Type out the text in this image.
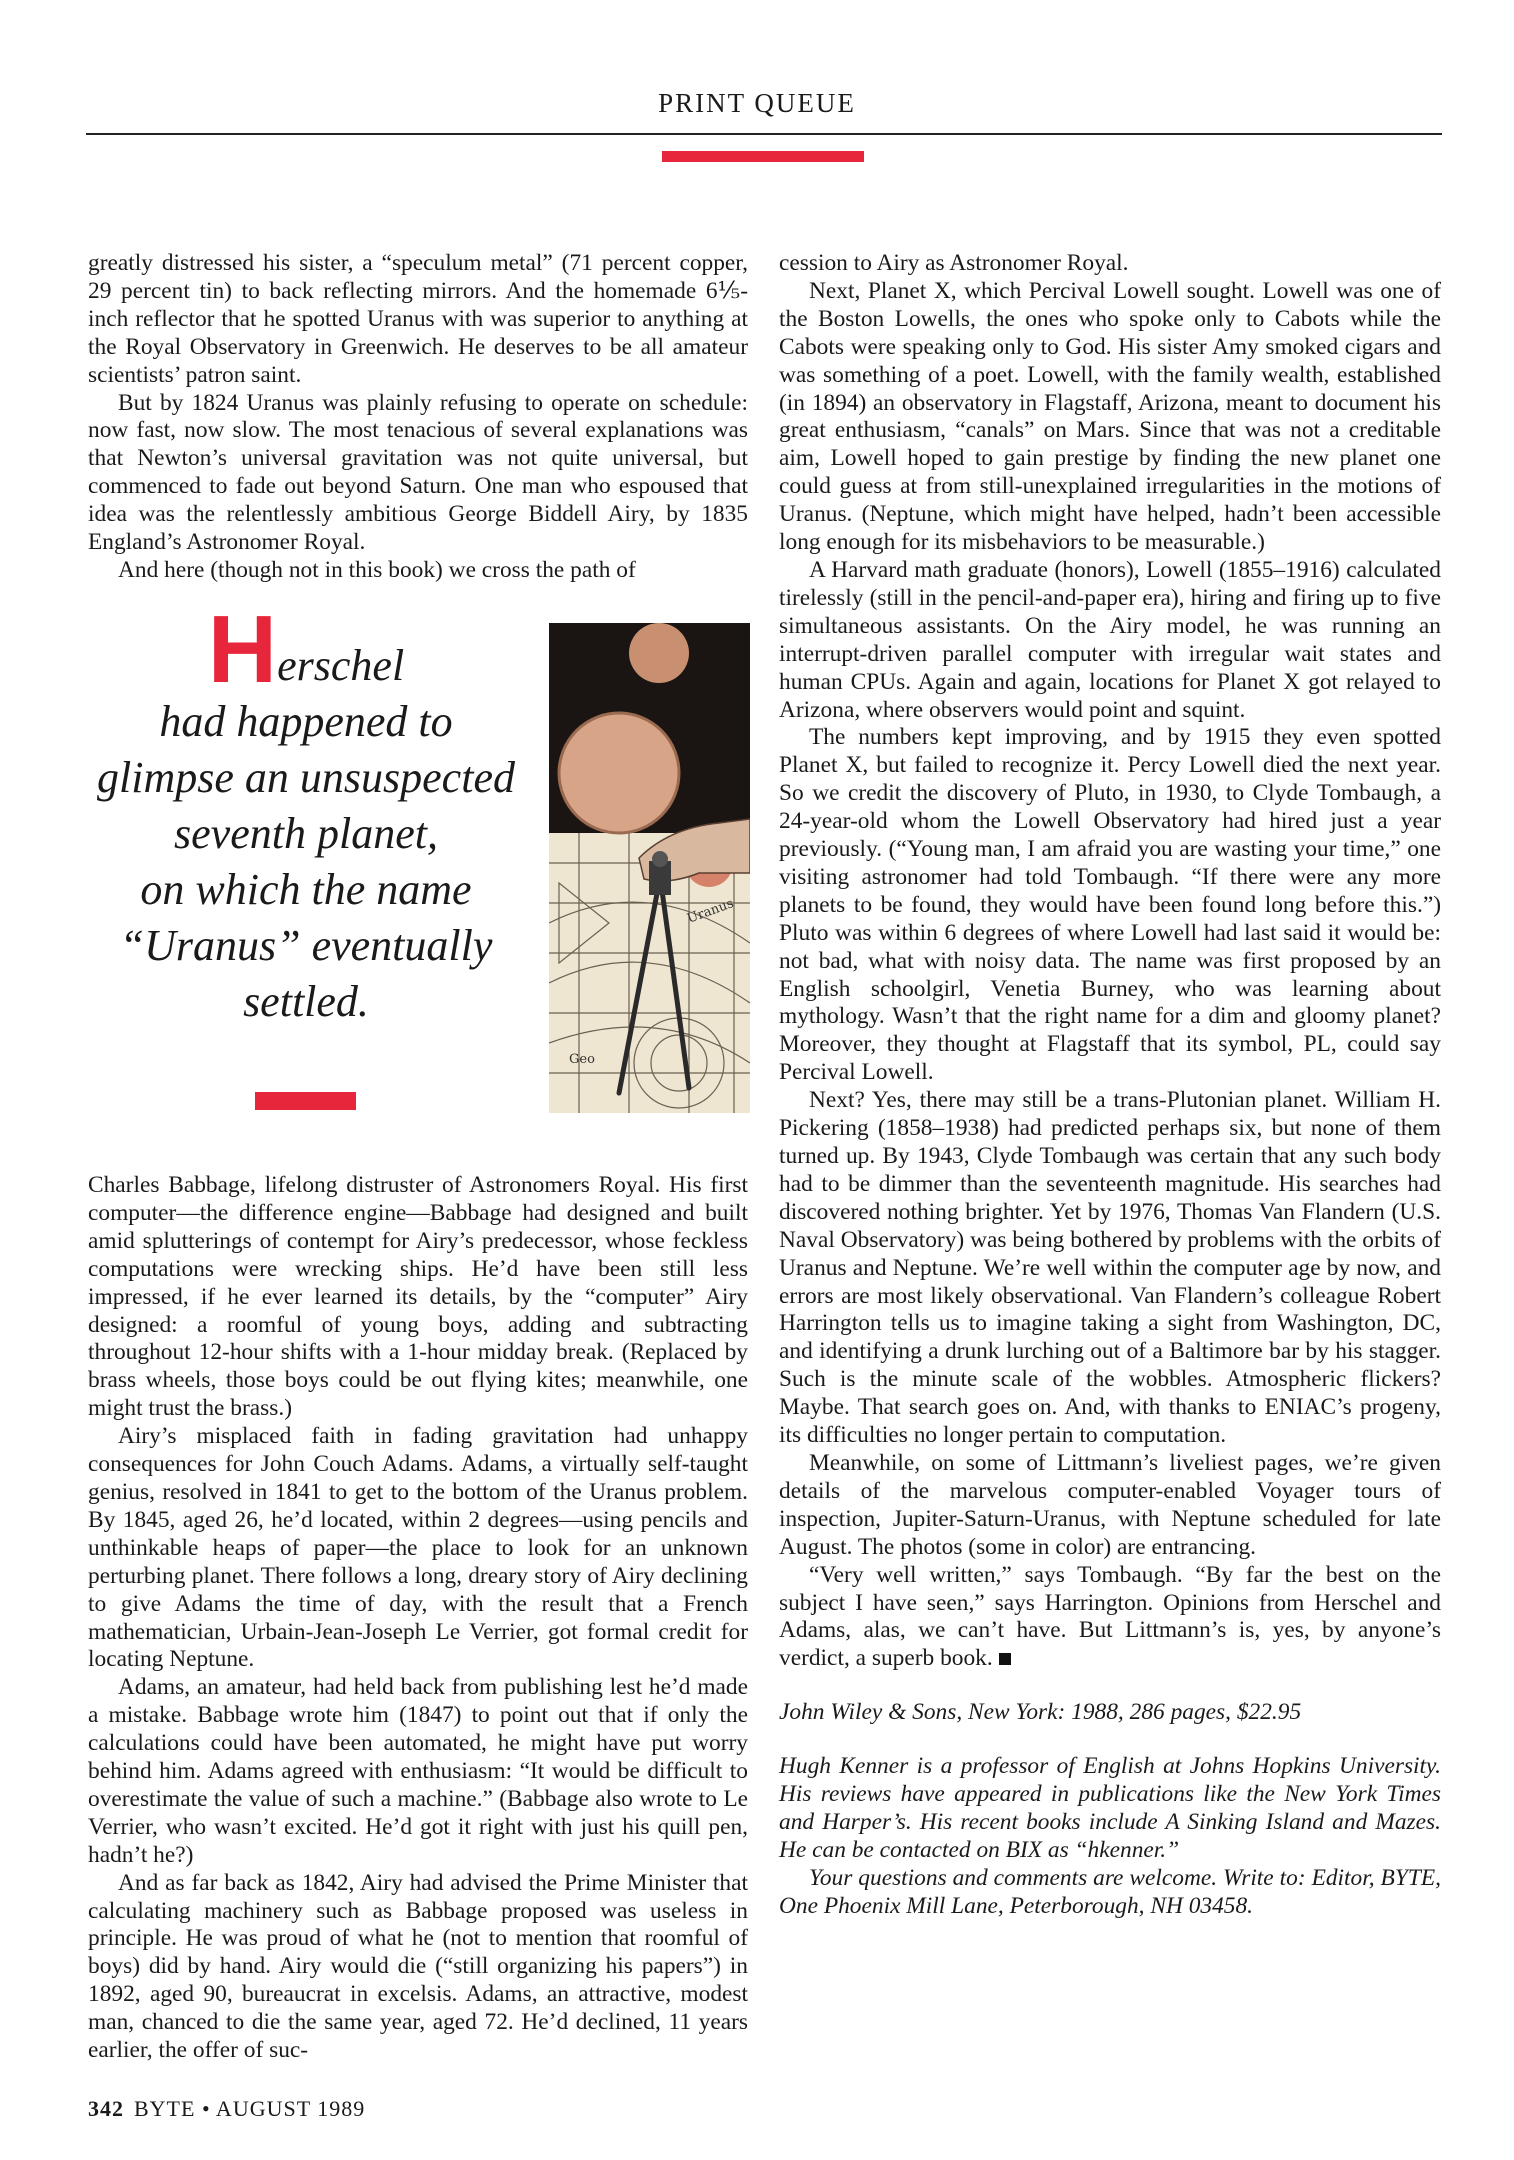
PRINT QUEUE

greatly distressed his sister, a “speculum metal” (71 percent copper, 29 percent tin) to back reflecting mirrors. And the homemade 6⅕-inch reflector that he spotted Uranus with was superior to anything at the Royal Observatory in Greenwich. He deserves to be all amateur scientists’ patron saint.

But by 1824 Uranus was plainly refusing to operate on schedule: now fast, now slow. The most tenacious of several explanations was that Newton’s universal gravitation was not quite universal, but commenced to fade out beyond Saturn. One man who espoused that idea was the relentlessly ambitious George Biddell Airy, by 1835 England’s Astronomer Royal.

And here (though not in this book) we cross the path of

Herschel
had happened to
glimpse an unsuspected
seventh planet,
on which the name
“Uranus” eventually
settled.
Uranus
Geo

Charles Babbage, lifelong distruster of Astronomers Royal. His first computer—the difference engine—Babbage had designed and built amid splutterings of contempt for Airy’s predecessor, whose feckless computations were wrecking ships. He’d have been still less impressed, if he ever learned its details, by the “computer” Airy designed: a roomful of young boys, adding and subtracting throughout 12-hour shifts with a 1-hour midday break. (Replaced by brass wheels, those boys could be out flying kites; meanwhile, one might trust the brass.)

Airy’s misplaced faith in fading gravitation had unhappy consequences for John Couch Adams. Adams, a virtually self-taught genius, resolved in 1841 to get to the bottom of the Uranus problem. By 1845, aged 26, he’d located, within 2 degrees—using pencils and unthinkable heaps of paper—the place to look for an unknown perturbing planet. There follows a long, dreary story of Airy declining to give Adams the time of day, with the result that a French mathematician, Urbain-Jean-Joseph Le Verrier, got formal credit for locating Neptune.

Adams, an amateur, had held back from publishing lest he’d made a mistake. Babbage wrote him (1847) to point out that if only the calculations could have been automated, he might have put worry behind him. Adams agreed with enthusiasm: “It would be difficult to overestimate the value of such a machine.” (Babbage also wrote to Le Verrier, who wasn’t excited. He’d got it right with just his quill pen, hadn’t he?)

And as far back as 1842, Airy had advised the Prime Minister that calculating machinery such as Babbage proposed was useless in principle. He was proud of what he (not to mention that roomful of boys) did by hand. Airy would die (“still organizing his papers”) in 1892, aged 90, bureaucrat in excelsis. Adams, an attractive, modest man, chanced to die the same year, aged 72. He’d declined, 11 years earlier, the offer of suc-

cession to Airy as Astronomer Royal.

Next, Planet X, which Percival Lowell sought. Lowell was one of the Boston Lowells, the ones who spoke only to Cabots while the Cabots were speaking only to God. His sister Amy smoked cigars and was something of a poet. Lowell, with the family wealth, established (in 1894) an observatory in Flagstaff, Arizona, meant to document his great enthusiasm, “canals” on Mars. Since that was not a creditable aim, Lowell hoped to gain prestige by finding the new planet one could guess at from still-unexplained irregularities in the motions of Uranus. (Neptune, which might have helped, hadn’t been accessible long enough for its misbehaviors to be measurable.)

A Harvard math graduate (honors), Lowell (1855–1916) calculated tirelessly (still in the pencil-and-paper era), hiring and firing up to five simultaneous assistants. On the Airy model, he was running an interrupt-driven parallel computer with irregular wait states and human CPUs. Again and again, locations for Planet X got relayed to Arizona, where observers would point and squint.

The numbers kept improving, and by 1915 they even spotted Planet X, but failed to recognize it. Percy Lowell died the next year. So we credit the discovery of Pluto, in 1930, to Clyde Tombaugh, a 24-year-old whom the Lowell Observatory had hired just a year previously. (“Young man, I am afraid you are wasting your time,” one visiting astronomer had told Tombaugh. “If there were any more planets to be found, they would have been found long before this.”) Pluto was within 6 degrees of where Lowell had last said it would be: not bad, what with noisy data. The name was first proposed by an English schoolgirl, Venetia Burney, who was learning about mythology. Wasn’t that the right name for a dim and gloomy planet? Moreover, they thought at Flagstaff that its symbol, PL, could say Percival Lowell.

Next? Yes, there may still be a trans-Plutonian planet. William H. Pickering (1858–1938) had predicted perhaps six, but none of them turned up. By 1943, Clyde Tombaugh was certain that any such body had to be dimmer than the seventeenth magnitude. His searches had discovered nothing brighter. Yet by 1976, Thomas Van Flandern (U.S. Naval Observatory) was being bothered by problems with the orbits of Uranus and Neptune. We’re well within the computer age by now, and errors are most likely observational. Van Flandern’s colleague Robert Harrington tells us to imagine taking a sight from Washington, DC, and identifying a drunk lurching out of a Baltimore bar by his stagger. Such is the minute scale of the wobbles. Atmospheric flickers? Maybe. That search goes on. And, with thanks to ENIAC’s progeny, its difficulties no longer pertain to computation.

Meanwhile, on some of Littmann’s liveliest pages, we’re given details of the marvelous computer-enabled Voyager tours of inspection, Jupiter-Saturn-Uranus, with Neptune scheduled for late August. The photos (some in color) are entrancing.

“Very well written,” says Tombaugh. “By far the best on the subject I have seen,” says Harrington. Opinions from Herschel and Adams, alas, we can’t have. But Littmann’s is, yes, by anyone’s verdict, a superb book.

John Wiley & Sons, New York: 1988, 286 pages, $22.95

Hugh Kenner is a professor of English at Johns Hopkins University. His reviews have appeared in publications like the New York Times and Harper’s. His recent books include A Sinking Island and Mazes. He can be contacted on BIX as “hkenner.”

Your questions and comments are welcome. Write to: Editor, BYTE, One Phoenix Mill Lane, Peterborough, NH 03458.

342 BYTE • AUGUST 1989
